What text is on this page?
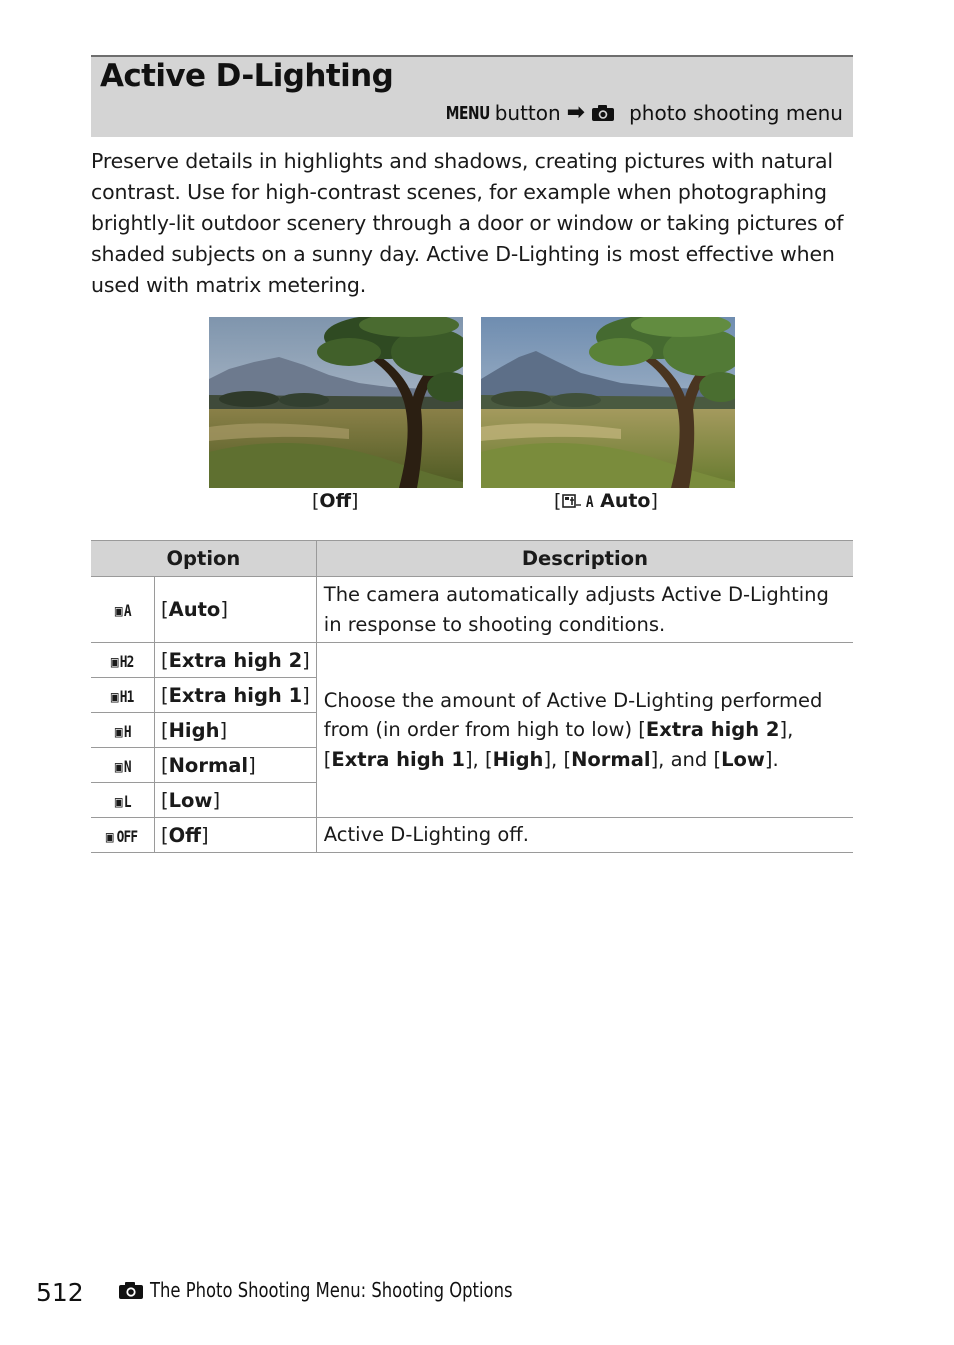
Active D-Lighting
MENU button ➡ photo shooting menu
Preserve details in highlights and shadows, creating pictures with natural contrast. Use for high-contrast scenes, for example when photographing brightly-lit outdoor scenery through a door or window or taking pictures of shaded subjects on a sunny day. Active D-Lighting is most effective when used with matrix metering.
[Off]	[ A Auto]
Option		Description
▣ A	[Auto]	The camera automatically adjusts Active D-Lighting in response to shooting conditions.
▣ H2	[Extra high 2]	Choose the amount of Active D-Lighting performed from (in order from high to low) [Extra high 2], [Extra high 1], [High], [Normal], and [Low].
▣ H1	[Extra high 1]	
▣ H	[High]	
▣ N	[Normal]	
▣ L	[Low]	
▣ OFF	[Off]	Active D-Lighting off.
512	The Photo Shooting Menu: Shooting Options
